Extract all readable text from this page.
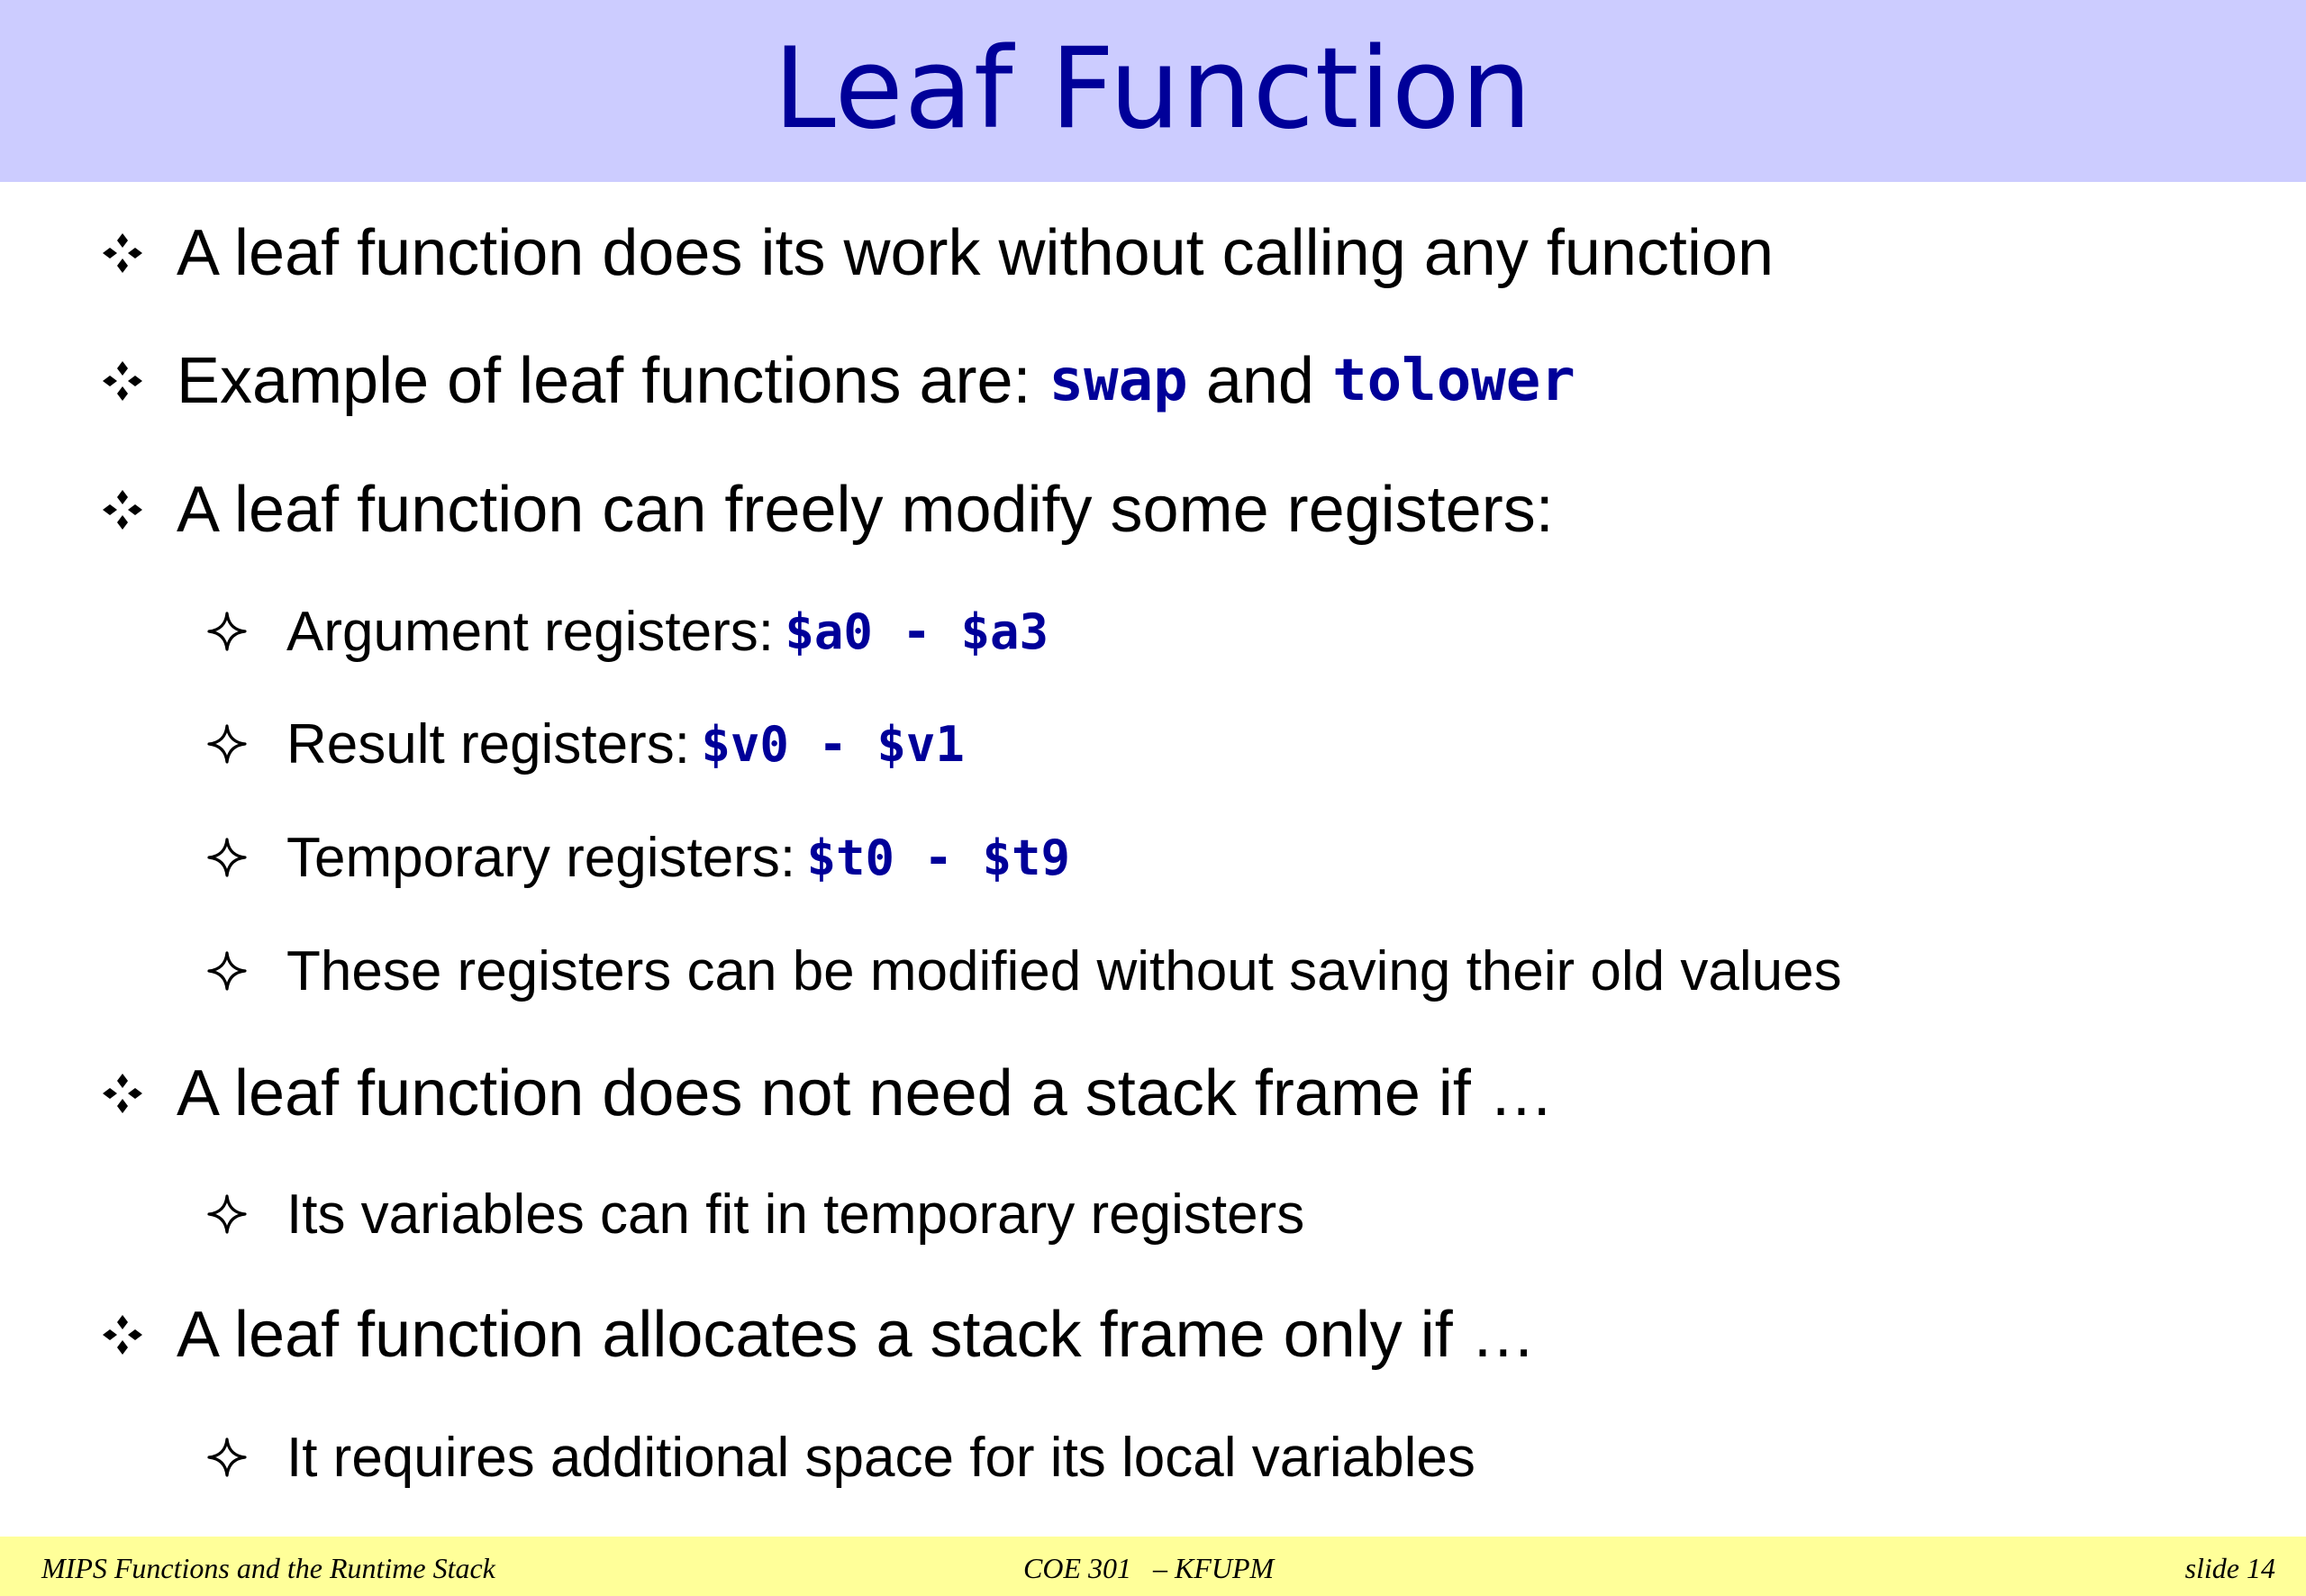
Leaf Function
A leaf function does its work without calling any function
Example of leaf functions are: swap and tolower
A leaf function can freely modify some registers:
Argument registers: $a0 - $a3
Result registers: $v0 - $v1
Temporary registers: $t0 - $t9
These registers can be modified without saving their old values
A leaf function does not need a stack frame if …
Its variables can fit in temporary registers
A leaf function allocates a stack frame only if …
It requires additional space for its local variables
MIPS Functions and the Runtime Stack	COE 301   – KFUPM	slide 14
